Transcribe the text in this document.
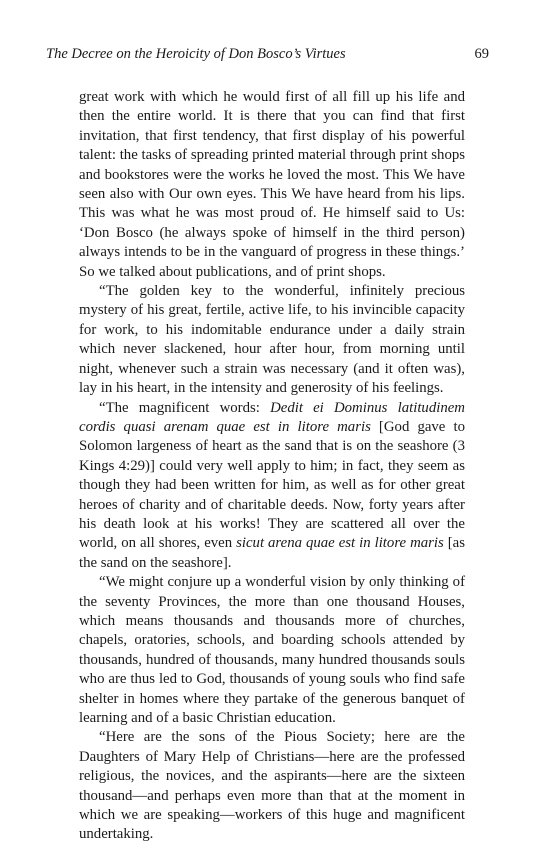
The Decree on the Heroicity of Don Bosco’s Virtues	69

great work with which he would first of all fill up his life and then the entire world. It is there that you can find that first invitation, that first tendency, that first display of his powerful talent: the tasks of spreading printed material through print shops and bookstores were the works he loved the most. This We have seen also with Our own eyes. This We have heard from his lips. This was what he was most proud of. He himself said to Us: ‘Don Bosco (he always spoke of himself in the third person) always intends to be in the vanguard of progress in these things.’ So we talked about publications, and of print shops.

“The golden key to the wonderful, infinitely precious mystery of his great, fertile, active life, to his invincible capacity for work, to his indomitable endurance under a daily strain which never slackened, hour after hour, from morning until night, whenever such a strain was necessary (and it often was), lay in his heart, in the intensity and generosity of his feelings.

“The magnificent words: Dedit ei Dominus latitudinem cordis quasi arenam quae est in litore maris [God gave to Solomon largeness of heart as the sand that is on the seashore (3 Kings 4:29)] could very well apply to him; in fact, they seem as though they had been written for him, as well as for other great heroes of charity and of charitable deeds. Now, forty years after his death look at his works! They are scattered all over the world, on all shores, even sicut arena quae est in litore maris [as the sand on the seashore].

“We might conjure up a wonderful vision by only thinking of the seventy Provinces, the more than one thousand Houses, which means thousands and thousands more of churches, chapels, oratories, schools, and boarding schools attended by thousands, hundred of thousands, many hundred thousands souls who are thus led to God, thousands of young souls who find safe shelter in homes where they partake of the generous banquet of learning and of a basic Christian education.

“Here are the sons of the Pious Society; here are the Daughters of Mary Help of Christians—here are the professed religious, the novices, and the aspirants—here are the sixteen thousand—and perhaps even more than that at the moment in which we are speaking—workers of this huge and magnificent undertaking.
